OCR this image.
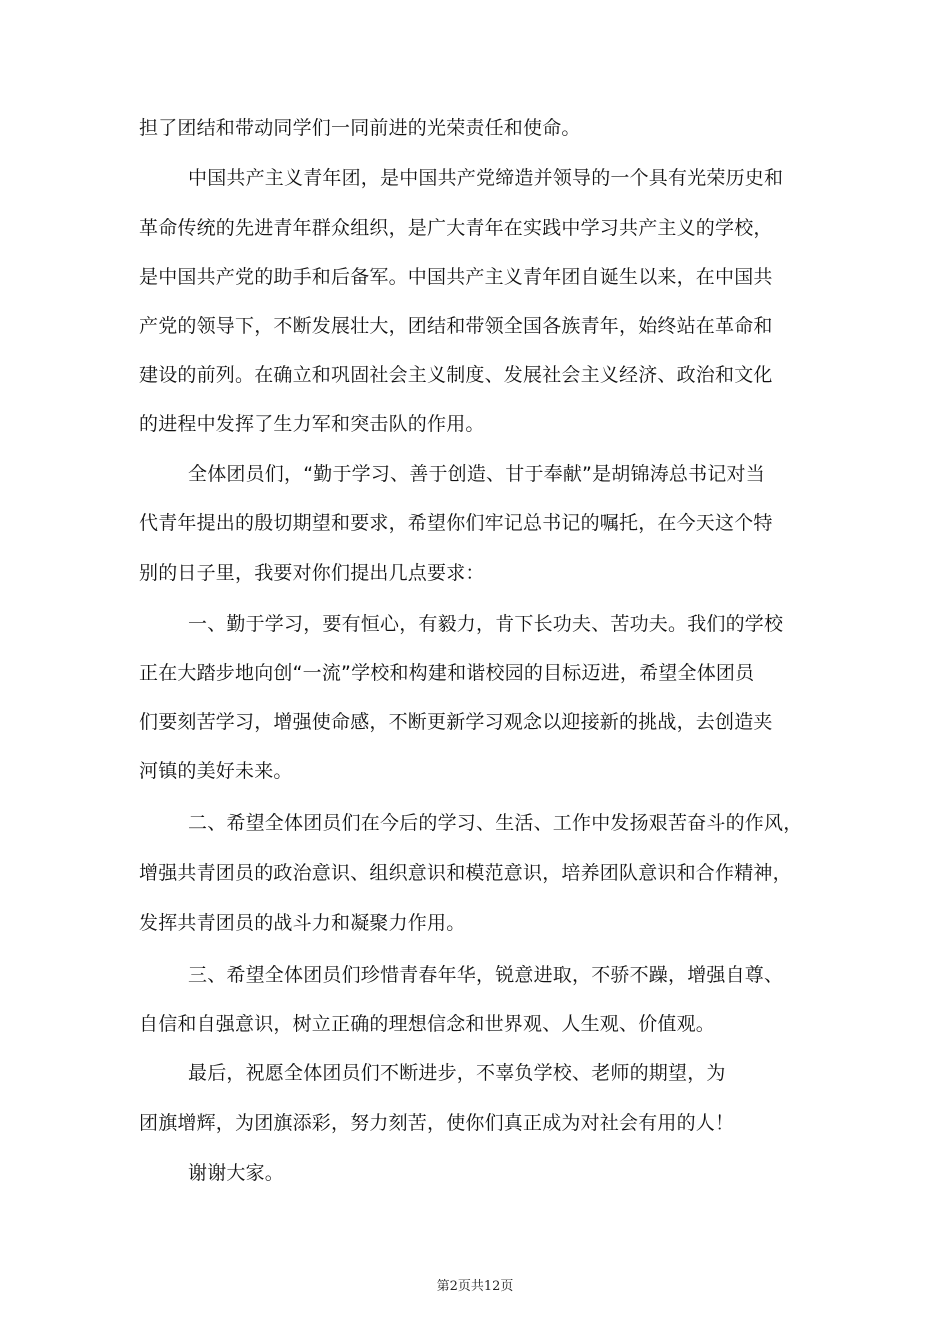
担了团结和带动同学们一同前进的光荣责任和使命。
中国共产主义青年团，是中国共产党缔造并领导的一个具有光荣历史和
革命传统的先进青年群众组织，是广大青年在实践中学习共产主义的学校，
是中国共产党的助手和后备军。中国共产主义青年团自诞生以来，在中国共
产党的领导下，不断发展壮大，团结和带领全国各族青年，始终站在革命和
建设的前列。在确立和巩固社会主义制度、发展社会主义经济、政治和文化
的进程中发挥了生力军和突击队的作用。
全体团员们，“勤于学习、善于创造、甘于奉献”是胡锦涛总书记对当
代青年提出的殷切期望和要求，希望你们牢记总书记的嘱托，在今天这个特
别的日子里，我要对你们提出几点要求：
一、勤于学习，要有恒心，有毅力，肯下长功夫、苦功夫。我们的学校
正在大踏步地向创“一流”学校和构建和谐校园的目标迈进，希望全体团员
们要刻苦学习，增强使命感，不断更新学习观念以迎接新的挑战，去创造夹
河镇的美好未来。
二、希望全体团员们在今后的学习、生活、工作中发扬艰苦奋斗的作风，
增强共青团员的政治意识、组织意识和模范意识，培养团队意识和合作精神，
发挥共青团员的战斗力和凝聚力作用。
三、希望全体团员们珍惜青春年华，锐意进取，不骄不躁，增强自尊、
自信和自强意识，树立正确的理想信念和世界观、人生观、价值观。
最后，祝愿全体团员们不断进步，不辜负学校、老师的期望，为
团旗增辉，为团旗添彩，努力刻苦，使你们真正成为对社会有用的人！
谢谢大家。
第2页共12页
